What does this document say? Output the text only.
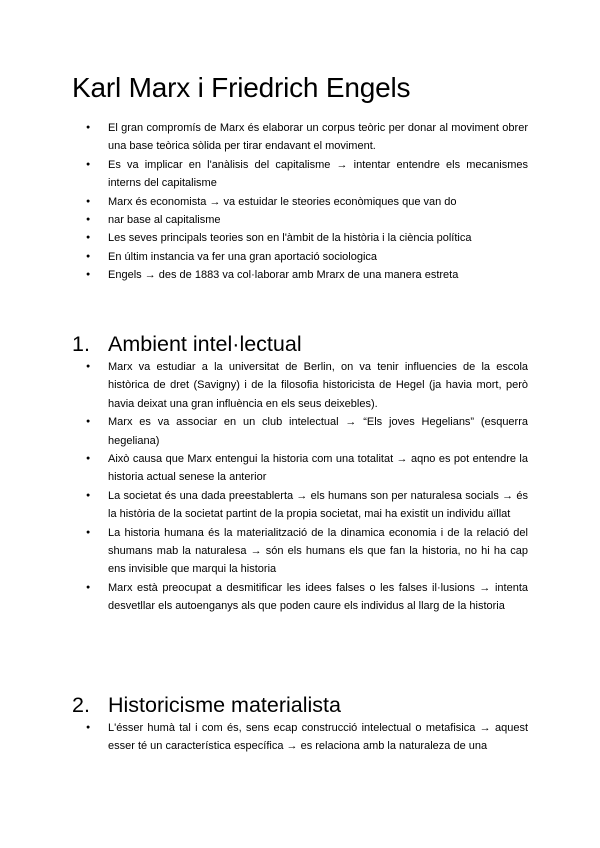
Karl Marx i Friedrich Engels
● El gran compromís de Marx és elaborar un corpus teòric per donar al moviment obrer una base teòrica sòlida per tirar endavant el moviment.
● Es va implicar en l'anàlisis del capitalisme → intentar entendre els mecanismes interns del capitalisme
● Marx és economista → va estuidar le steories econòmiques que van do
● nar base al capitalisme
● Les seves principals teories son en l'àmbit de la història i la ciència política
● En últim instancia va fer una gran aportació sociologica
● Engels → des de 1883 va col·laborar amb Mrarx de una manera estreta
1. Ambient intel·lectual
● Marx va estudiar a la universitat de Berlin, on va tenir influencies de la escola històrica de dret (Savigny) i de la filosofia historicista de Hegel (ja havia mort, però havia deixat una gran influència en els seus deixebles).
● Marx es va associar en un club intelectual → “Els joves Hegelians” (esquerra hegeliana)
● Això causa que Marx entengui la historia com una totalitat → aqno es pot entendre la historia actual senese la anterior
● La societat és una dada preestablerta → els humans son per naturalesa socials → és la història de la societat partint de la propia societat, mai ha existit un individu aïllat
● La historia humana és la materialització de la dinamica economia i de la relació del shumans mab la naturalesa → són els humans els que fan la historia, no hi ha cap ens invisible que marqui la historia
● Marx està preocupat a desmitificar les idees falses o les falses il·lusions → intenta desvetllar els autoenganys als que poden caure els individus al llarg de la historia
2. Historicisme materialista
● L'ésser humà tal i com és, sens ecap construcció intelectual o metafisica → aquest esser té un característica específica → es relaciona amb la naturaleza de una
